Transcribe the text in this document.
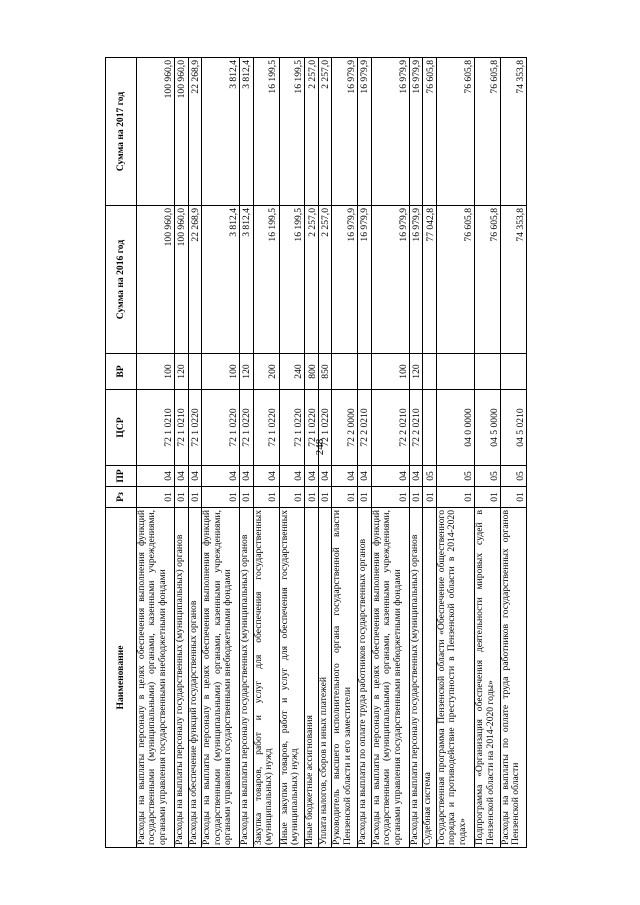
248
Наименование	Рз	ПР	ЦСР	ВР	Сумма на 2016 год	Сумма на 2017 год
Расходы на выплаты персоналу в целях обеспечения выполнения функций государственными (муниципальными) органами, казенными учреждениями, органами управления государственными внебюджетными фондами	01	04	72 1 0210	100	100 960,0	100 960,0
Расходы на выплаты персоналу государственных (муниципальных) органов	01	04	72 1 0210	120	100 960,0	100 960,0
Расходы на обеспечение функций государственных органов	01	04	72 1 0220		22 268,9	22 268,9
Расходы на выплаты персоналу в целях обеспечения выполнения функций государственными (муниципальными) органами, казенными учреждениями, органами управления государственными внебюджетными фондами	01	04	72 1 0220	100	3 812,4	3 812,4
Расходы на выплаты персоналу государственных (муниципальных) органов	01	04	72 1 0220	120	3 812,4	3 812,4
Закупка товаров, работ и услуг для обеспечения государственных (муниципальных) нужд	01	04	72 1 0220	200	16 199,5	16 199,5
Иные закупки товаров, работ и услуг для обеспечения государственных (муниципальных) нужд	01	04	72 1 0220	240	16 199,5	16 199,5
Иные бюджетные ассигнования	01	04	72 1 0220	800	2 257,0	2 257,0
Уплата налогов, сборов и иных платежей	01	04	72 1 0220	850	2 257,0	2 257,0
Руководитель высшего исполнительного органа государственной власти Пензенской области и его заместители	01	04	72 2 0000		16 979,9	16 979,9
Расходы на выплаты по оплате труда работников государственных органов	01	04	72 2 0210		16 979,9	16 979,9
Расходы на выплаты персоналу в целях обеспечения выполнения функций государственными (муниципальными) органами, казенными учреждениями, органами управления государственными внебюджетными фондами	01	04	72 2 0210	100	16 979,9	16 979,9
Расходы на выплаты персоналу государственных (муниципальных) органов	01	04	72 2 0210	120	16 979,9	16 979,9
Судебная система	01	05			77 042,8	76 605,8
Государственная программа Пензенской области «Обеспечение общественного порядка и противодействие преступности в Пензенской области в 2014-2020 годах»	01	05	04 0 0000		76 605,8	76 605,8
Подпрограмма «Организация обеспечения деятельности мировых судей в Пензенской области на 2014-2020 годы»	01	05	04 5 0000		76 605,8	76 605,8
Расходы на выплаты по оплате труда работников государственных органов Пензенской области	01	05	04 5 0210		74 353,8	74 353,8
